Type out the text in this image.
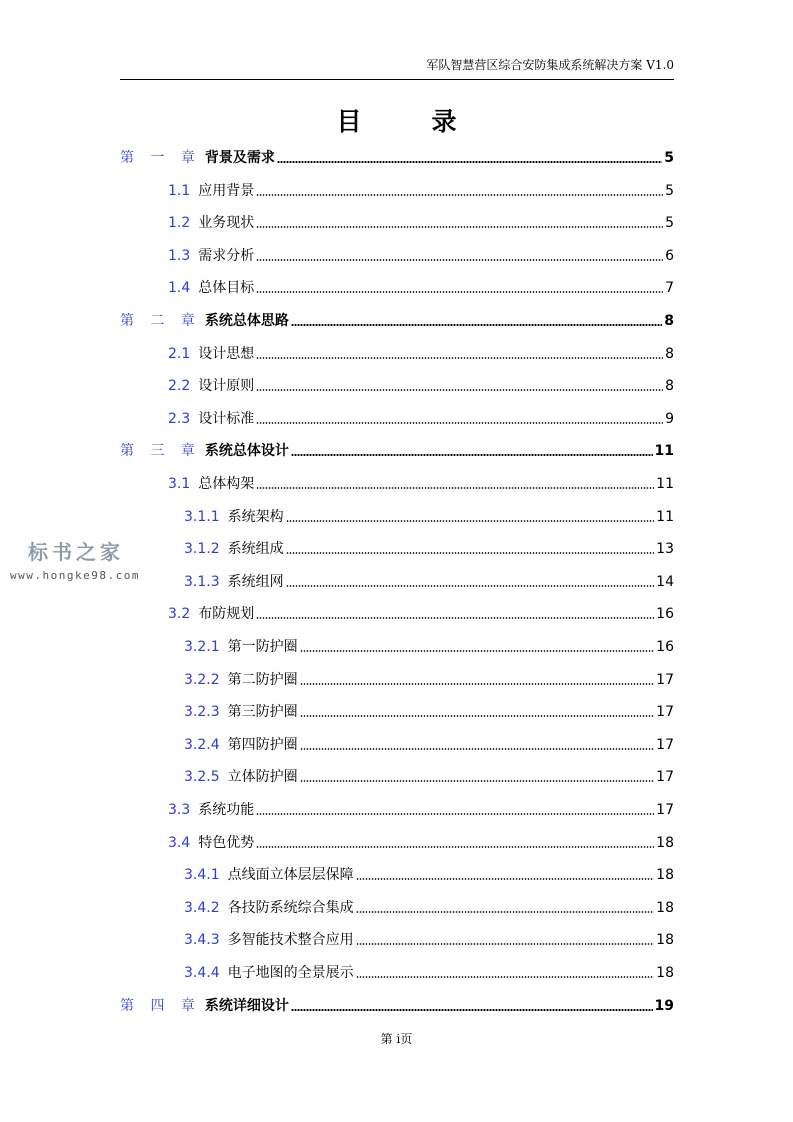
军队智慧营区综合安防集成系统解决方案 V1.0
目	录
第 一 章 背景及需求	5
1.1 应用背景	5
1.2 业务现状	5
1.3 需求分析	6
1.4 总体目标	7
第 二 章 系统总体思路	8
2.1 设计思想	8
2.2 设计原则	8
2.3 设计标准	9
第 三 章 系统总体设计	11
3.1 总体构架	11
3.1.1 系统架构	11
3.1.2 系统组成	13
3.1.3 系统组网	14
3.2 布防规划	16
3.2.1 第一防护圈	16
3.2.2 第二防护圈	17
3.2.3 第三防护圈	17
3.2.4 第四防护圈	17
3.2.5 立体防护圈	17
3.3 系统功能	17
3.4 特色优势	18
3.4.1 点线面立体层层保障	18
3.4.2 各技防系统综合集成	18
3.4.3 多智能技术整合应用	18
3.4.4 电子地图的全景展示	18
第 四 章 系统详细设计	19
标书之家
www.hongke98.com
第 i页
